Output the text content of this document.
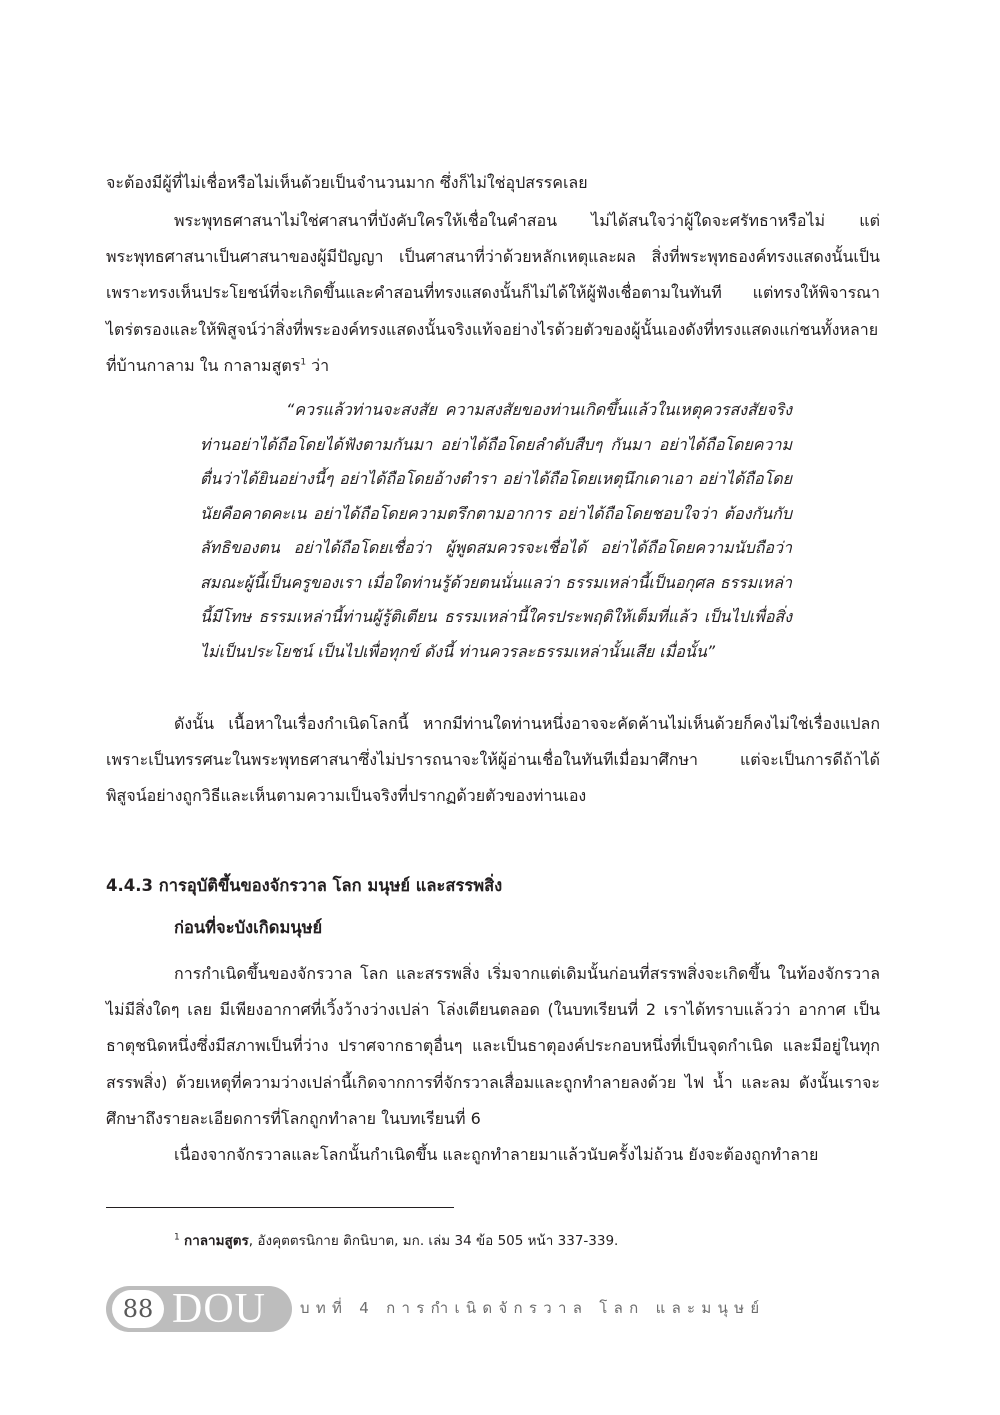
จะต้องมีผู้ที่ไม่เชื่อหรือไม่เห็นด้วยเป็นจำนวนมาก ซึ่งก็ไม่ใช่อุปสรรคเลย
พระพุทธศาสนาไม่ใช่ศาสนาที่บังคับใครให้เชื่อในคำสอน ไม่ได้สนใจว่าผู้ใดจะศรัทธาหรือไม่ แต่พระพุทธศาสนาเป็นศาสนาของผู้มีปัญญา เป็นศาสนาที่ว่าด้วยหลักเหตุและผล สิ่งที่พระพุทธองค์ทรงแสดงนั้นเป็นเพราะทรงเห็นประโยชน์ที่จะเกิดขึ้นและคำสอนที่ทรงแสดงนั้นก็ไม่ได้ให้ผู้ฟังเชื่อตามในทันที แต่ทรงให้พิจารณาไตร่ตรองและให้พิสูจน์ว่าสิ่งที่พระองค์ทรงแสดงนั้นจริงแท้จอย่างไรด้วยตัวของผู้นั้นเองดังที่ทรงแสดงแก่ชนทั้งหลาย ที่บ้านกาลาม ใน กาลามสูตร$^1$ ว่า
“ควรแล้วท่านจะสงสัย ความสงสัยของท่านเกิดขึ้นแล้วในเหตุควรสงสัยจริง ท่านอย่าได้ถือโดยได้ฟังตามกันมา อย่าได้ถือโดยลำดับสืบๆ กันมา อย่าได้ถือโดยความตื่นว่าได้ยินอย่างนี้ๆ อย่าได้ถือโดยอ้างตำรา อย่าได้ถือโดยเหตุนึกเดาเอา อย่าได้ถือโดยนัยคือคาดคะเน อย่าได้ถือโดยความตรึกตามอาการ อย่าได้ถือโดยชอบใจว่า ต้องกันกับลัทธิของตน อย่าได้ถือโดยเชื่อว่า ผู้พูดสมควรจะเชื่อได้ อย่าได้ถือโดยความนับถือว่า สมณะผู้นี้เป็นครูของเรา เมื่อใดท่านรู้ด้วยตนนั่นแลว่า ธรรมเหล่านี้เป็นอกุศล ธรรมเหล่านี้มีโทษ ธรรมเหล่านี้ท่านผู้รู้ติเตียน ธรรมเหล่านี้ใครประพฤติให้เต็มที่แล้ว เป็นไปเพื่อสิ่งไม่เป็นประโยชน์ เป็นไปเพื่อทุกข์ ดังนี้ ท่านควรละธรรมเหล่านั้นเสีย เมื่อนั้น”
ดังนั้น เนื้อหาในเรื่องกำเนิดโลกนี้ หากมีท่านใดท่านหนึ่งอาจจะคัดค้านไม่เห็นด้วยก็คงไม่ใช่เรื่องแปลก เพราะเป็นทรรศนะในพระพุทธศาสนาซึ่งไม่ปรารถนาจะให้ผู้อ่านเชื่อในทันทีเมื่อมาศึกษา แต่จะเป็นการดีถ้าได้พิสูจน์อย่างถูกวิธีและเห็นตามความเป็นจริงที่ปรากฏด้วยตัวของท่านเอง
4.4.3 การอุบัติขึ้นของจักรวาล โลก มนุษย์ และสรรพสิ่ง
ก่อนที่จะบังเกิดมนุษย์
การกำเนิดขึ้นของจักรวาล โลก และสรรพสิ่ง เริ่มจากแต่เดิมนั้นก่อนที่สรรพสิ่งจะเกิดขึ้น ในท้องจักรวาลไม่มีสิ่งใดๆ เลย มีเพียงอากาศที่เวิ้งว้างว่างเปล่า โล่งเตียนตลอด (ในบทเรียนที่ 2 เราได้ทราบแล้วว่า อากาศ เป็นธาตุชนิดหนึ่งซึ่งมีสภาพเป็นที่ว่าง ปราศจากธาตุอื่นๆ และเป็นธาตุองค์ประกอบหนึ่งที่เป็นจุดกำเนิด และมีอยู่ในทุกสรรพสิ่ง) ด้วยเหตุที่ความว่างเปล่านี้เกิดจากการที่จักรวาลเสื่อมและถูกทำลายลงด้วย ไฟ น้ำ และลม ดังนั้นเราจะศึกษาถึงรายละเอียดการที่โลกถูกทำลาย ในบทเรียนที่ 6
เนื่องจากจักรวาลและโลกนั้นกำเนิดขึ้น และถูกทำลายมาแล้วนับครั้งไม่ถ้วน ยังจะต้องถูกทำลาย
$^1$ กาลามสูตร, อังคุตตรนิกาย ติกนิบาต, มก. เล่ม 34 ข้อ 505 หน้า 337-339.
88 DOU บทที่ 4 การกำเนิดจักรวาล โลก และมนุษย์
